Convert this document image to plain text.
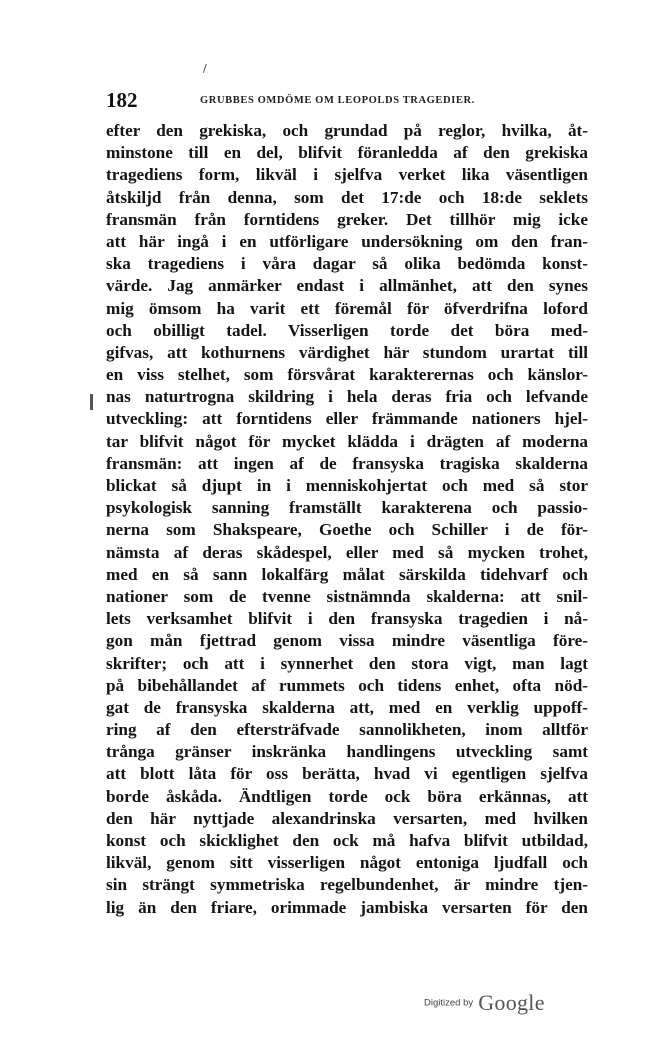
/
182	GRUBBES OMDÖME OM LEOPOLDS TRAGEDIER.
efter den grekiska, och grundad på reglor, hvilka, åt-
minstone till en del, blifvit föranledda af den grekiska
tragediens form, likväl i sjelfva verket lika väsentligen
åtskiljd från denna, som det 17:de och 18:de seklets
fransmän från forntidens greker. Det tillhör mig icke
att här ingå i en utförligare undersökning om den fran-
ska tragediens i våra dagar så olika bedömda konst-
värde. Jag anmärker endast i allmänhet, att den synes
mig ömsom ha varit ett föremål för öfverdrifna loford
och obilligt tadel. Visserligen torde det böra med-
gifvas, att kothurnens värdighet här stundom urartat till
en viss stelhet, som försvårat karakterernas och känslor-
nas naturtrogna skildring i hela deras fria och lefvande
utveckling: att forntidens eller främmande nationers hjel-
tar blifvit något för mycket klädda i drägten af moderna
fransmän: att ingen af de fransyska tragiska skalderna
blickat så djupt in i menniskohjertat och med så stor
psykologisk sanning framställt karakterena och passio-
nerna som Shakspeare, Goethe och Schiller i de för-
nämsta af deras skådespel, eller med så mycken trohet,
med en så sann lokalfärg målat särskilda tidehvarf och
nationer som de tvenne sistnämnda skalderna: att snil-
lets verksamhet blifvit i den fransyska tragedien i nå-
gon mån fjettrad genom vissa mindre väsentliga före-
skrifter; och att i synnerhet den stora vigt, man lagt
på bibehållandet af rummets och tidens enhet, ofta nöd-
gat de fransyska skalderna att, med en verklig uppoff-
ring af den eftersträfvade sannolikheten, inom alltför
trånga gränser inskränka handlingens utveckling samt
att blott låta för oss berätta, hvad vi egentligen sjelfva
borde åskåda. Ändtligen torde ock böra erkännas, att
den här nyttjade alexandrinska versarten, med hvilken
konst och skicklighet den ock må hafva blifvit utbildad,
likväl, genom sitt visserligen något entoniga ljudfall och
sin strängt symmetriska regelbundenhet, är mindre tjen-
lig än den friare, orimmade jambiska versarten för den
Digitized by Google
